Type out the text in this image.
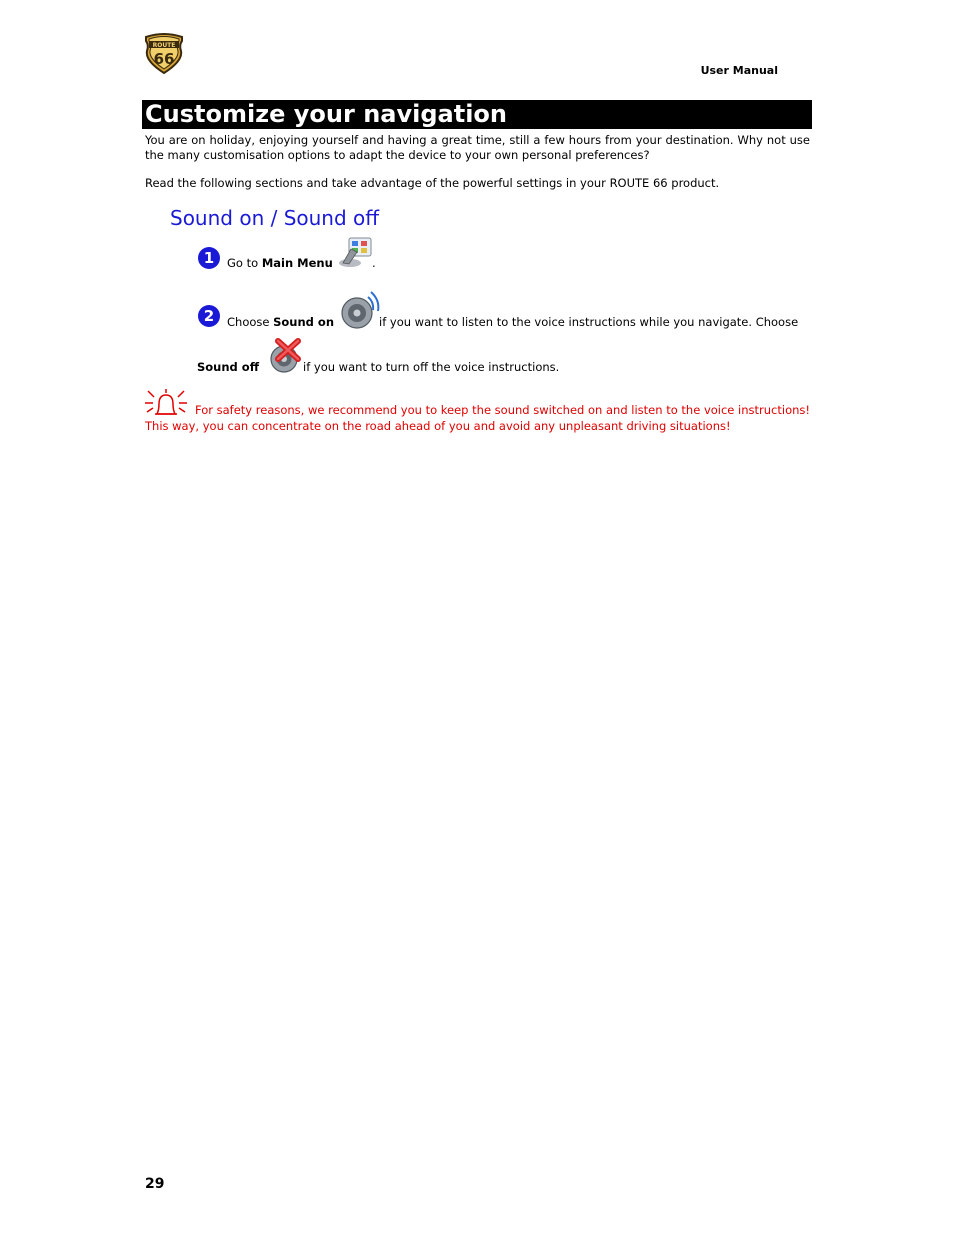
ROUTE
66
User Manual
Customize your navigation
You are on holiday, enjoying yourself and having a great time, still a few hours from your destination. Why not use the many customisation options to adapt the device to your own personal preferences?
Read the following sections and take advantage of the powerful settings in your ROUTE 66 product.
Sound on / Sound off
1	Go to Main Menu	.
2	Choose Sound on	if you want to listen to the voice instructions while you navigate. Choose
Sound off	if you want to turn off the voice instructions.
For safety reasons, we recommend you to keep the sound switched on and listen to the voice instructions! This way, you can concentrate on the road ahead of you and avoid any unpleasant driving situations!
29
